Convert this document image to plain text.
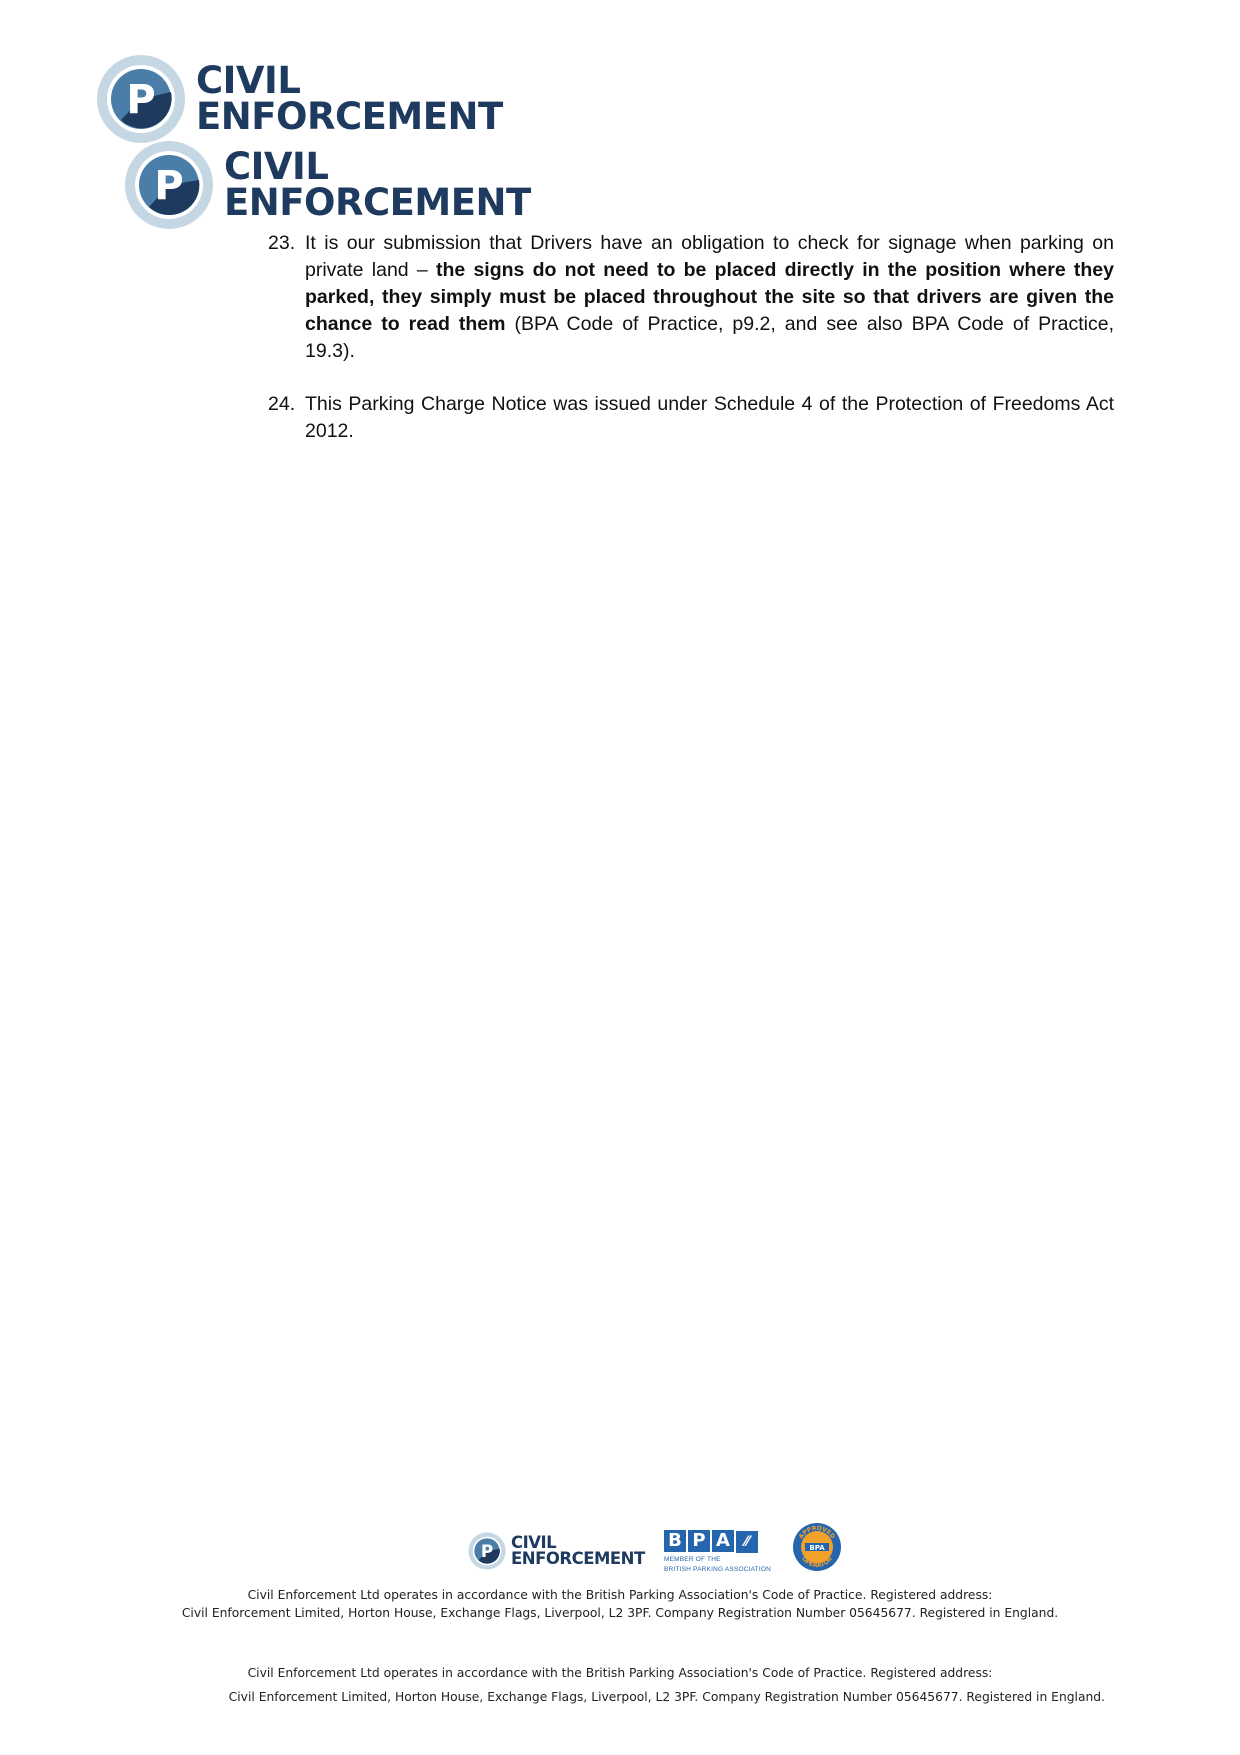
P CIVIL
ENFORCEMENT
P CIVIL
ENFORCEMENT
23. It is our submission that Drivers have an obligation to check for signage when parking on private land – the signs do not need to be placed directly in the position where they parked, they simply must be placed throughout the site so that drivers are given the chance to read them (BPA Code of Practice, p9.2, and see also BPA Code of Practice, 19.3).
24. This Parking Charge Notice was issued under Schedule 4 of the Protection of Freedoms Act 2012.
P CIVIL
ENFORCEMENT
B P A ⁄⁄
MEMBER OF THE
BRITISH PARKING ASSOCIATION
APPROVED
OPERATOR
BPA
Civil Enforcement Ltd operates in accordance with the British Parking Association's Code of Practice. Registered address:
Civil Enforcement Limited, Horton House, Exchange Flags, Liverpool, L2 3PF. Company Registration Number 05645677. Registered in England.
Civil Enforcement Ltd operates in accordance with the British Parking Association's Code of Practice. Registered address:
Civil Enforcement Limited, Horton House, Exchange Flags, Liverpool, L2 3PF. Company Registration Number 05645677. Registered in England.
